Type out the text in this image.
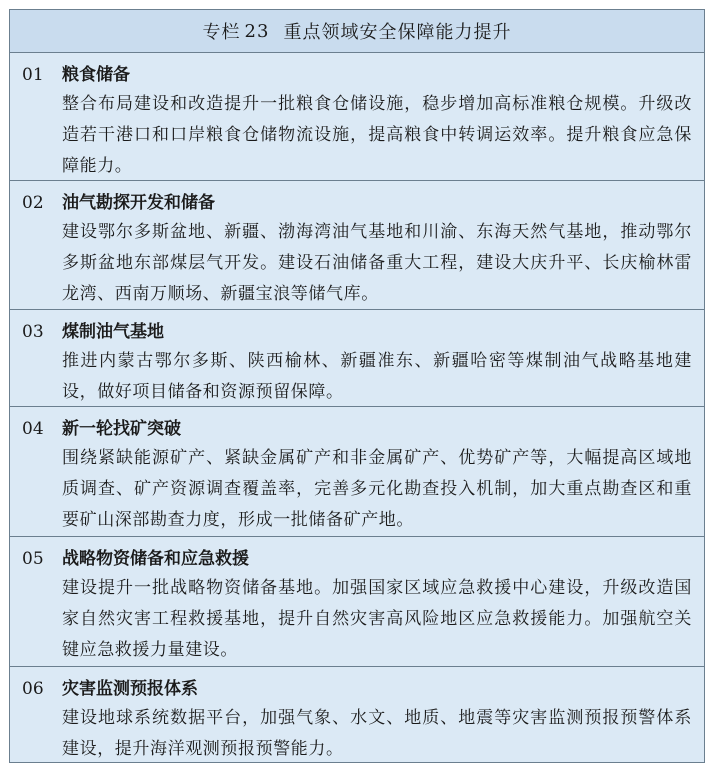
专栏 23 重点领域安全保障能力提升
01	粮食储备
整合布局建设和改造提升一批粮食仓储设施，稳步增加高标准粮仓规模。升级改造若干港口和口岸粮食仓储物流设施，提高粮食中转调运效率。提升粮食应急保障能力。
02	油气勘探开发和储备
建设鄂尔多斯盆地、新疆、渤海湾油气基地和川渝、东海天然气基地，推动鄂尔多斯盆地东部煤层气开发。建设石油储备重大工程，建设大庆升平、长庆榆林雷龙湾、西南万顺场、新疆宝浪等储气库。
03	煤制油气基地
推进内蒙古鄂尔多斯、陕西榆林、新疆准东、新疆哈密等煤制油气战略基地建设，做好项目储备和资源预留保障。
04	新一轮找矿突破
围绕紧缺能源矿产、紧缺金属矿产和非金属矿产、优势矿产等，大幅提高区域地质调查、矿产资源调查覆盖率，完善多元化勘查投入机制，加大重点勘查区和重要矿山深部勘查力度，形成一批储备矿产地。
05	战略物资储备和应急救援
建设提升一批战略物资储备基地。加强国家区域应急救援中心建设，升级改造国家自然灾害工程救援基地，提升自然灾害高风险地区应急救援能力。加强航空关键应急救援力量建设。
06	灾害监测预报体系
建设地球系统数据平台，加强气象、水文、地质、地震等灾害监测预报预警体系建设，提升海洋观测预报预警能力。
